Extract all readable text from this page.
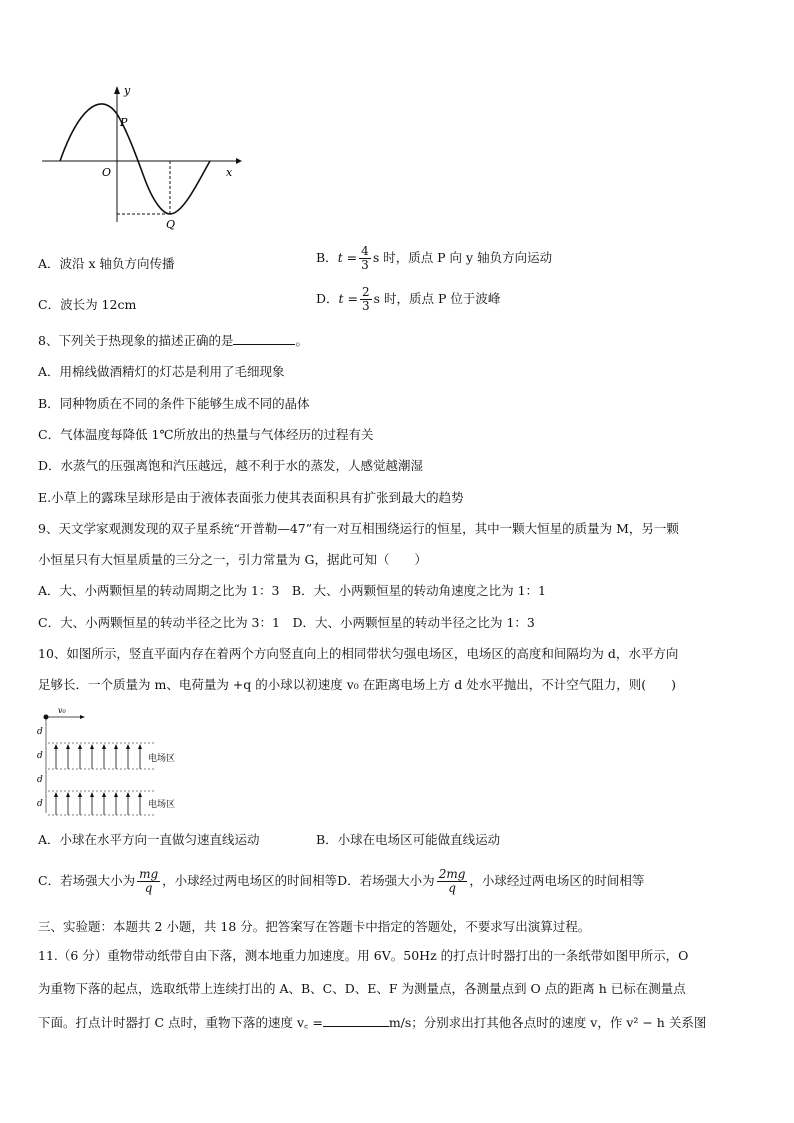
y
x
O
P
Q
A．波沿 x 轴负方向传播	B．$t = \frac{4}{3}$ s 时，质点 P 向 y 轴负方向运动
C．波长为 12cm	D．$t = \frac{2}{3}$ s 时，质点 P 位于波峰
8、下列关于热现象的描述正确的是	。
A．用棉线做酒精灯的灯芯是利用了毛细现象
B．同种物质在不同的条件下能够生成不同的晶体
C．气体温度每降低 1℃所放出的热量与气体经历的过程有关
D．水蒸气的压强离饱和汽压越远，越不利于水的蒸发，人感觉越潮湿
E.小草上的露珠呈球形是由于液体表面张力使其表面积具有扩张到最大的趋势
9、天文学家观测发现的双子星系统“开普勒—47”有一对互相围绕运行的恒星，其中一颗大恒星的质量为 M，另一颗
小恒星只有大恒星质量的三分之一，引力常量为 G，据此可知（　　）
A．大、小两颗恒星的转动周期之比为 1：3　B．大、小两颗恒星的转动角速度之比为 1：1
C．大、小两颗恒星的转动半径之比为 3：1　D．大、小两颗恒星的转动半径之比为 1：3
10、如图所示，竖直平面内存在着两个方向竖直向上的相同带状匀强电场区，电场区的高度和间隔均为 d，水平方向
足够长．一个质量为 m、电荷量为 +q 的小球以初速度 v₀ 在距离电场上方 d 处水平抛出，不计空气阻力，则(　　)
v₀
d
d
d
d
电场区
电场区
A．小球在水平方向一直做匀速直线运动	B．小球在电场区可能做直线运动
C．若场强大小为 $\frac{mg}{q}$ ，小球经过两电场区的时间相等D．若场强大小为 $\frac{2mg}{q}$ ，小球经过两电场区的时间相等
三、实验题：本题共 2 小题，共 18 分。把答案写在答题卡中指定的答题处，不要求写出演算过程。
11.（6 分）重物带动纸带自由下落，测本地重力加速度。用 6V。50Hz 的打点计时器打出的一条纸带如图甲所示，O
为重物下落的起点，选取纸带上连续打出的 A、B、C、D、E、F 为测量点，各测量点到 O 点的距离 h 已标在测量点
下面。打点计时器打 C 点时，重物下落的速度 v꜀ =	m/s；分别求出打其他各点时的速度 v，作 v² − h 关系图
